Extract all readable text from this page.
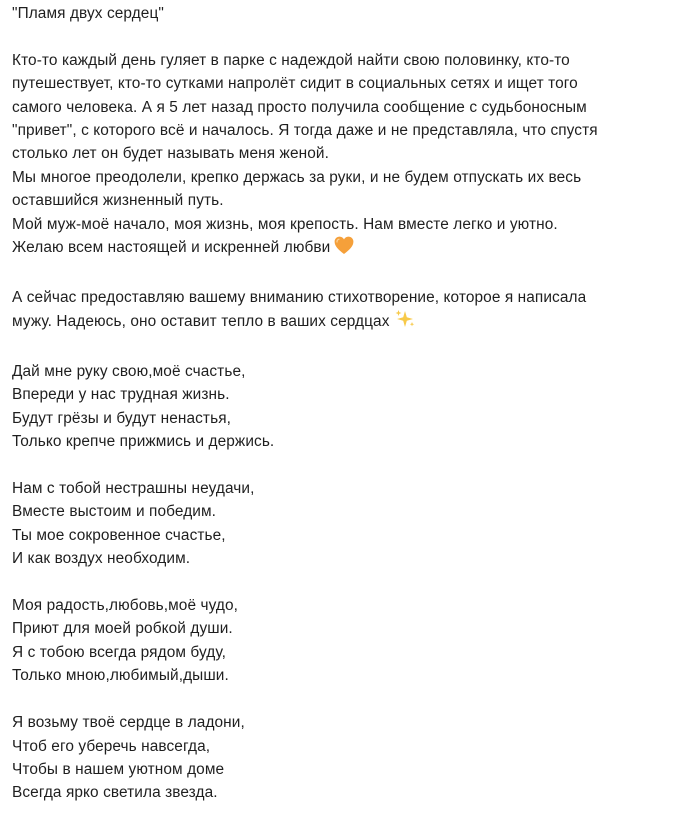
"Пламя двух сердец"

Кто-то каждый день гуляет в парке с надеждой найти свою половинку, кто-то
путешествует, кто-то сутками напролёт сидит в социальных сетях и ищет того
самого человека. А я 5 лет назад просто получила сообщение с судьбоносным
"привет", с которого всё и началось. Я тогда даже и не представляла, что спустя
столько лет он будет называть меня женой.
Мы многое преодолели, крепко держась за руки, и не будем отпускать их весь
оставшийся жизненный путь.
Мой муж-моё начало, моя жизнь, моя крепость. Нам вместе легко и уютно.
Желаю всем настоящей и искренней любви

А сейчас предоставляю вашему вниманию стихотворение, которое я написала
мужу. Надеюсь, оно оставит тепло в ваших сердцах

Дай мне руку свою,моё счастье,
Впереди у нас трудная жизнь.
Будут грёзы и будут ненастья,
Только крепче прижмись и держись.

Нам с тобой нестрашны неудачи,
Вместе выстоим и победим.
Ты мое сокровенное счастье,
И как воздух необходим.

Моя радость,любовь,моё чудо,
Приют для моей робкой души.
Я с тобою всегда рядом буду,
Только мною,любимый,дыши.

Я возьму твоё сердце в ладони,
Чтоб его уберечь навсегда,
Чтобы в нашем уютном доме
Всегда ярко светила звезда.
